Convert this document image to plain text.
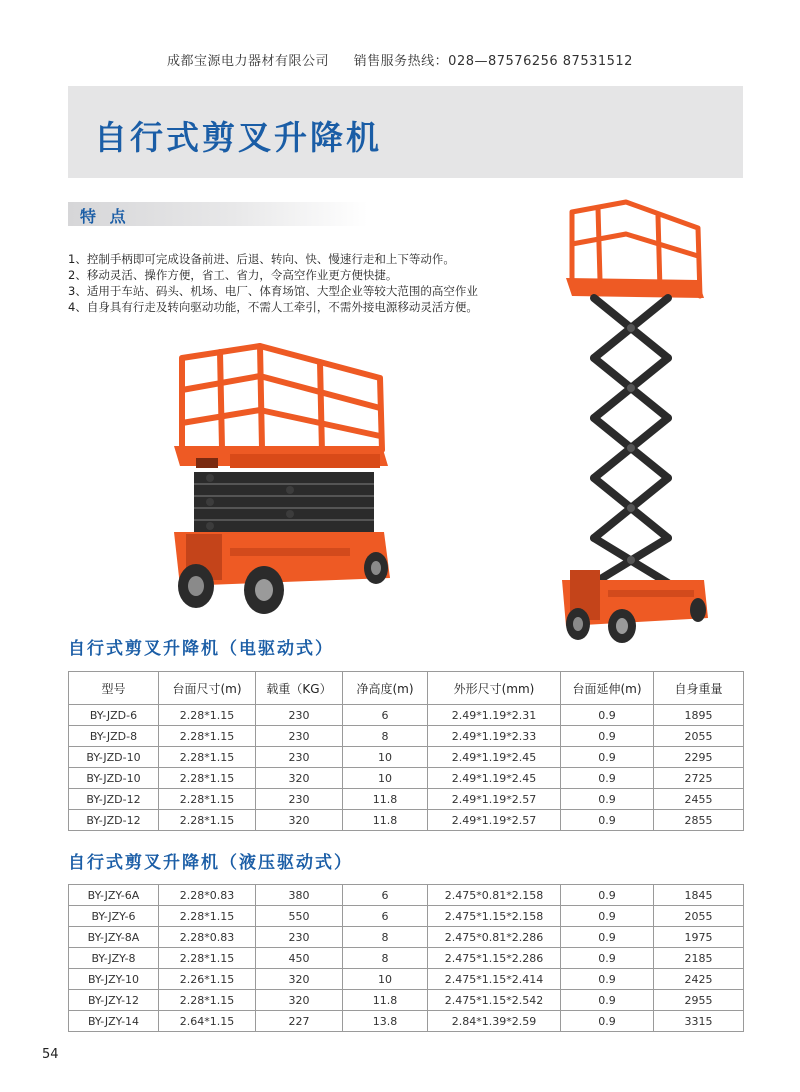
成都宝源电力器材有限公司 销售服务热线：028—87576256 87531512
自行式剪叉升降机
特 点
1、控制手柄即可完成设备前进、后退、转向、快、慢速行走和上下等动作。
2、移动灵活、操作方便，省工、省力，令高空作业更方便快捷。
3、适用于车站、码头、机场、电厂、体育场馆、大型企业等较大范围的高空作业
4、自身具有行走及转向驱动功能，不需人工牵引，不需外接电源移动灵活方便。
自行式剪叉升降机（电驱动式）
型号	台面尺寸(m)	载重（KG）	净高度(m)	外形尺寸(mm)	台面延伸(m)	自身重量
BY-JZD-6	2.28*1.15	230	6	2.49*1.19*2.31	0.9	1895
BY-JZD-8	2.28*1.15	230	8	2.49*1.19*2.33	0.9	2055
BY-JZD-10	2.28*1.15	230	10	2.49*1.19*2.45	0.9	2295
BY-JZD-10	2.28*1.15	320	10	2.49*1.19*2.45	0.9	2725
BY-JZD-12	2.28*1.15	230	11.8	2.49*1.19*2.57	0.9	2455
BY-JZD-12	2.28*1.15	320	11.8	2.49*1.19*2.57	0.9	2855
自行式剪叉升降机（液压驱动式）
BY-JZY-6A	2.28*0.83	380	6	2.475*0.81*2.158	0.9	1845
BY-JZY-6	2.28*1.15	550	6	2.475*1.15*2.158	0.9	2055
BY-JZY-8A	2.28*0.83	230	8	2.475*0.81*2.286	0.9	1975
BY-JZY-8	2.28*1.15	450	8	2.475*1.15*2.286	0.9	2185
BY-JZY-10	2.26*1.15	320	10	2.475*1.15*2.414	0.9	2425
BY-JZY-12	2.28*1.15	320	11.8	2.475*1.15*2.542	0.9	2955
BY-JZY-14	2.64*1.15	227	13.8	2.84*1.39*2.59	0.9	3315
54
